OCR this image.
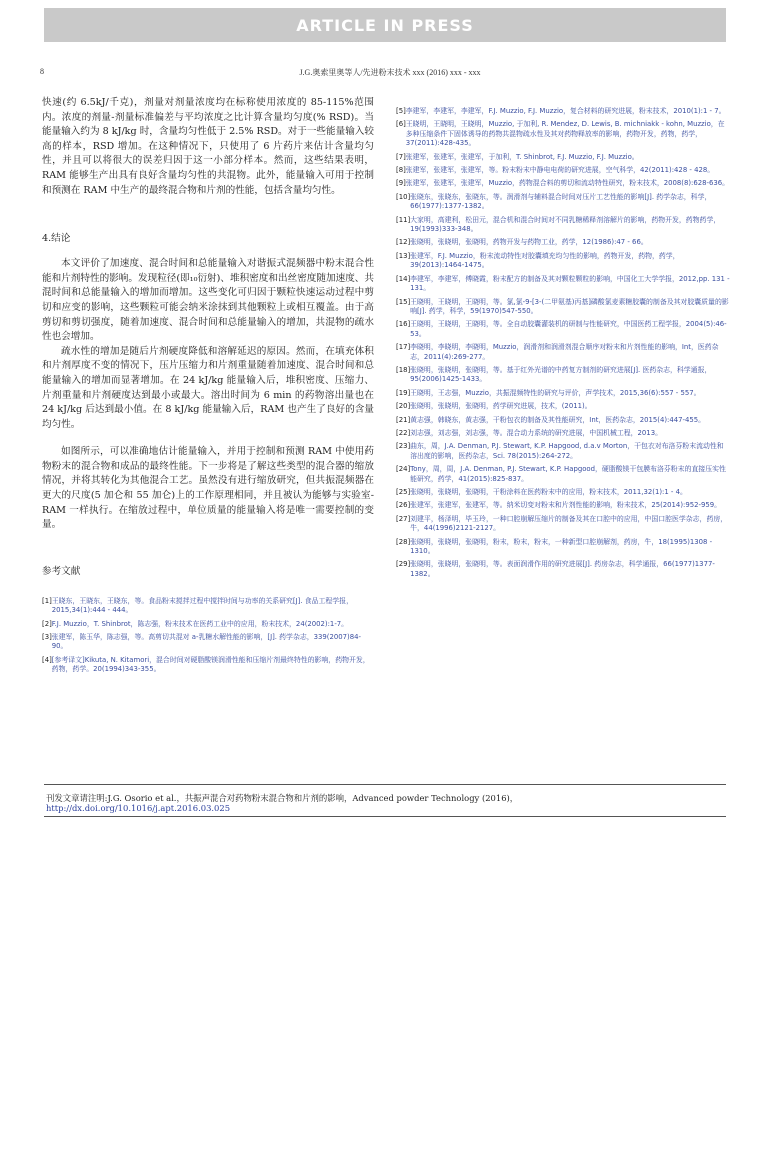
ARTICLE IN PRESS
8	J.G.奥索里奥等人/先进粉末技术 xxx (2016) xxx - xxx

快速(约 6.5kJ/千克)，剂量对剂量浓度均在标称使用浓度的 85-115%范围内。浓度的剂量-剂量标准偏差与平均浓度之比计算含量均匀度(% RSD)。当能量输入约为 8 kJ/kg 时，含量均匀性低于 2.5% RSD。对于一些能量输入较高的样本，RSD 增加。在这种情况下，只使用了 6 片药片来估计含量均匀性，并且可以将很大的误差归因于这一小部分样本。然而，这些结果表明，RAM 能够生产出具有良好含量均匀性的共混物。此外，能量输入可用于控制和预测在 RAM 中生产的最终混合物和片剂的性能，包括含量均匀性。

4.结论

本文评价了加速度、混合时间和总能量输入对谐振式混频器中粉末混合性能和片剂特性的影响。发现粒径(即₁₀衍射)、堆积密度和出丝密度随加速度、共混时间和总能量输入的增加而增加。这些变化可归因于颗粒快速运动过程中剪切和应变的影响，这些颗粒可能会纳米涂抹到其他颗粒上或相互覆盖。由于高剪切和剪切强度，随着加速度、混合时间和总能量输入的增加，共混物的疏水性也会增加。

疏水性的增加是随后片剂硬度降低和溶解延迟的原因。然而，在填充体积和片剂厚度不变的情况下，压片压缩力和片剂重量随着加速度、混合时间和总能量输入的增加而显著增加。在 24 kJ/kg 能量输入后，堆积密度、压缩力、片剂重量和片剂硬度达到最小或最大。溶出时间为 6 min 的药物溶出量也在 24 kJ/kg 后达到最小值。在 8 kJ/kg 能量输入后，RAM 也产生了良好的含量均匀性。

如图所示，可以准确地估计能量输入，并用于控制和预测 RAM 中使用药物粉末的混合物和成品的最终性能。下一步将是了解这些类型的混合器的缩放情况，并将其转化为其他混合工艺。虽然没有进行缩放研究，但共振混频器在更大的尺度(5 加仑和 55 加仑)上的工作原理相同，并且被认为能够与实验室- RAM 一样执行。在缩放过程中，单位质量的能量输入将是唯一需要控制的变量。

参考文献
[1] 王晓东，王晓东，王晓东，等。食品粉末搅拌过程中搅拌时间与功率的关系研究[J]. 食品工程学报，2015,34(1):444 - 444。
[2] F.J. Muzzio，T. Shinbrot，陈志强，粉末技术在医药工业中的应用，粉末技术，24(2002):1-7。
[3] 张建军，陈玉华，陈志强，等。高剪切共混对 a-乳糖水解性能的影响，[J]. 药学杂志，339(2007)84-90。
[4] [参考译文]Kikuta, N. Kitamori，混合时间对硬脂酸镁润滑性能和压缩片剂最终特性的影响，药物开发，药物，药学。20(1994)343-355。
[5] 李建军，李建军，李建军，F.J. Muzzio, F.J. Muzzio，复合材料的研究进展，粉末技术，2010(1):1 - 7。
[6] 王晓明，王晓明，王晓明，Muzzio, 于加利, R. Mendez, D. Lewis, B. michniakk - kohn, Muzzio，在多种压缩条件下固体诱导的药物共混物疏水性及其对药物释放率的影响，药物开发，药物，药学，37(2011):428-435。
[7] 张建军，张建军，张建军，于加利，T. Shinbrot, F.J. Muzzio, F.J. Muzzio。
[8] 张建军，张建军，张建军，等。粉末粉末中静电电荷的研究进展，空气科学，42(2011):428 - 428。
[9] 张建军，张建军，张建军，Muzzio，药物混合料的剪切和流动特性研究，粉末技术，2008(8):628-636。
[10] 张晓东，张晓东，张晓东，等。润滑剂与辅料混合时间对压片工艺性能的影响[J]. 药学杂志，科学，66(1977):1377-1382。
[11] 大家明，高建利，松田元，混合机和混合时间对不同乳糖稀释剂溶解片的影响，药物开发，药物药学，19(1993)333-348。
[12] 张晓明，张晓明，张晓明，药物开发与药物工业，药学，12(1986):47 - 66。
[13] 张建军，F.J. Muzzio，粉末流动特性对胶囊填充均匀性的影响，药物开发，药物，药学，39(2013):1464-1475。
[14] 李建军，李建军，傅晓霞，粉末配方的制备及其对颗粒颗粒的影响，中国化工大学学报，2012,pp. 131 - 131。
[15] 王晓明，王晓明，王晓明，等。氯,氯-9-[3-(二甲氨基)丙基]磷酸氯麦素糖胶囊的制备及其对胶囊质量的影响[J]. 药学，科学，59(1970)547-550。
[16] 王晓明，王晓明，王晓明，等。全自动胶囊灌装机的研制与性能研究，中国医药工程学报，2004(5):46-53。
[17] 李晓明，李晓明，李晓明，Muzzio，润滑剂和润滑剂混合顺序对粉末和片剂性能的影响，Int，医药杂志，2011(4):269-277。
[18] 张晓明，张晓明，张晓明，等。基于红外光谱的中药复方制剂的研究进展[J]. 医药杂志，科学通报，95(2006)1425-1433。
[19] 王晓明，王志强，Muzzio，共振混频特性的研究与评价，声学技术，2015,36(6):557 - 557。
[20] 张晓明，张晓明，张晓明，药学研究进展，技术，(2011)。
[21] 黄志强，韩晓东，黄志强，干粉包衣的制备及其性能研究，Int，医药杂志，2015(4):447-455。
[22] 刘志强，刘志强，刘志强，等。混合动力系统的研究进展，中国机械工程，2013。
[23] 曲东，周，J.A. Denman, P.J. Stewart, K.P. Hapgood, d.a.v Morton，干包衣对布洛芬粉末流动性和溶出度的影响，医药杂志，Sci. 78(2015):264-272。
[24] Tony，周，周，J.A. Denman, P.J. Stewart, K.P. Hapgood，硬脂酸镁干包膜布洛芬粉末的直接压实性能研究，药学，41(2015):825-837。
[25] 张晓明，张晓明，张晓明，干粉涂料在医药粉末中的应用，粉末技术，2011,32(1):1 - 4。
[26] 张建军，张建军，张建军，等。纳米切变对粉末和片剂性能的影响，粉末技术，25(2014):952-959。
[27] 刘建平，杨泽明，毕玉玲，一种口腔崩解压缩片的制备及其在口腔中的应用，中国口腔医学杂志，药房，牛，44(1996)2121-2127。
[28] 张晓明，张晓明，张晓明，粉末，粉末，粉末，一种新型口腔崩解剂，药房，牛，18(1995)1308 - 1310。
[29] 张晓明，张晓明，张晓明，等。表面润滑作用的研究进展[J]. 药房杂志，科学通报，66(1977)1377-1382。
刊发文章请注明:J.G. Osorio et al.，共振声混合对药物粉末混合物和片剂的影响，Advanced powder Technology (2016)，
http://dx.doi.org/10.1016/j.apt.2016.03.025
